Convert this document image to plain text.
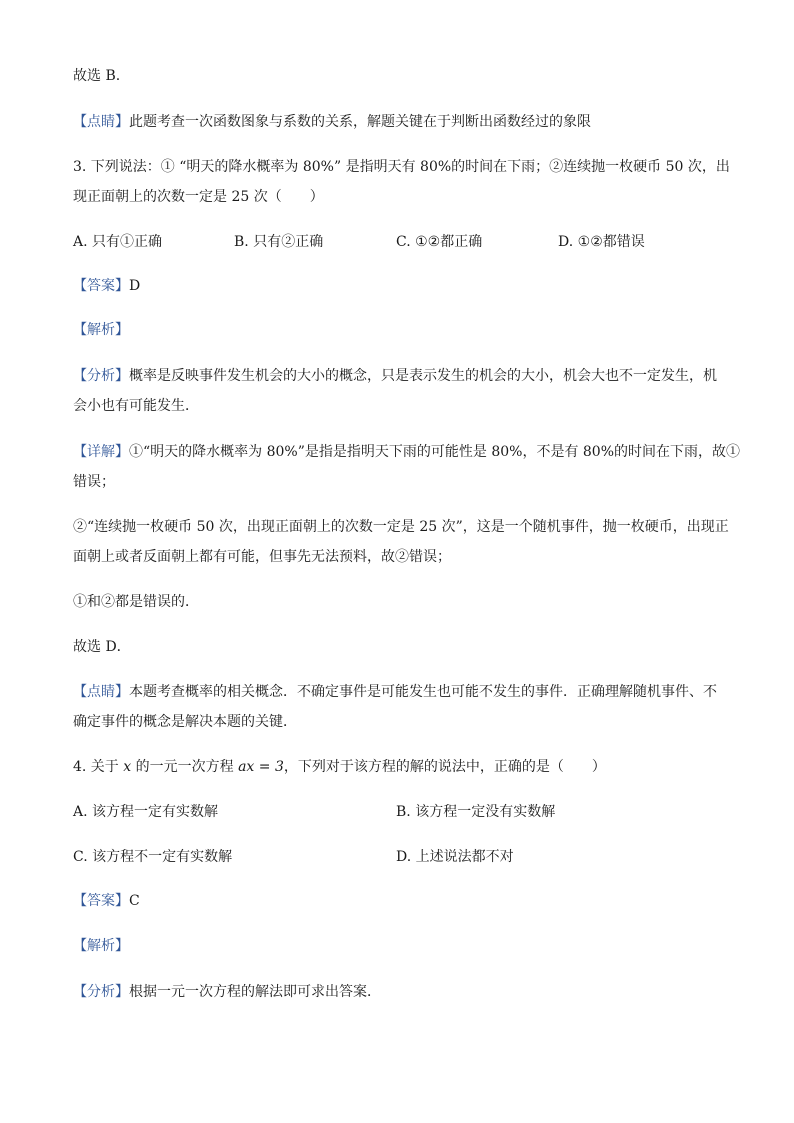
故选 B.
【点睛】此题考查一次函数图象与系数的关系，解题关键在于判断出函数经过的象限
3. 下列说法：① “明天的降水概率为 80%” 是指明天有 80%的时间在下雨；②连续抛一枚硬币 50 次，出
现正面朝上的次数一定是 25 次（　　）
A. 只有①正确	B. 只有②正确	C. ①②都正确	D. ①②都错误
【答案】D
【解析】
【分析】概率是反映事件发生机会的大小的概念，只是表示发生的机会的大小，机会大也不一定发生，机
会小也有可能发生．
【详解】①“明天的降水概率为 80%”是指是指明天下雨的可能性是 80%，不是有 80%的时间在下雨，故①
错误；
②“连续抛一枚硬币 50 次，出现正面朝上的次数一定是 25 次”，这是一个随机事件，抛一枚硬币，出现正
面朝上或者反面朝上都有可能，但事先无法预料，故②错误；
①和②都是错误的．
故选 D．
【点睛】本题考查概率的相关概念．不确定事件是可能发生也可能不发生的事件．正确理解随机事件、不
确定事件的概念是解决本题的关键．
4. 关于 x 的一元一次方程 ax = 3，下列对于该方程的解的说法中，正确的是（　　）
A. 该方程一定有实数解	B. 该方程一定没有实数解
C. 该方程不一定有实数解	D. 上述说法都不对
【答案】C
【解析】
【分析】根据一元一次方程的解法即可求出答案．
